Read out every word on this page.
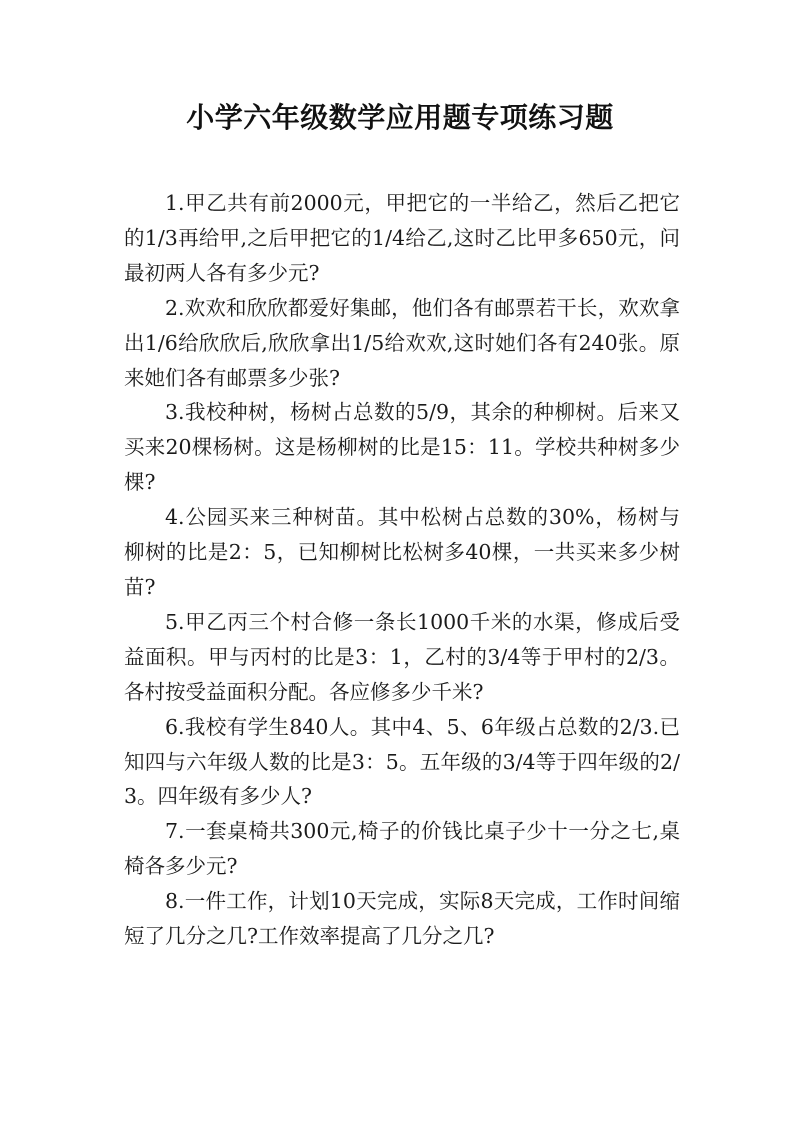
小学六年级数学应用题专项练习题

1.甲乙共有前2000元，甲把它的一半给乙，然后乙把它的1/3再给甲,之后甲把它的1/4给乙,这时乙比甲多650元，问最初两人各有多少元?

2.欢欢和欣欣都爱好集邮，他们各有邮票若干长，欢欢拿出1/6给欣欣后,欣欣拿出1/5给欢欢,这时她们各有240张。原来她们各有邮票多少张?

3.我校种树，杨树占总数的5/9，其余的种柳树。后来又买来20棵杨树。这是杨柳树的比是15：11。学校共种树多少棵?

4.公园买来三种树苗。其中松树占总数的30%，杨树与柳树的比是2：5，已知柳树比松树多40棵，一共买来多少树苗?

5.甲乙丙三个村合修一条长1000千米的水渠，修成后受益面积。甲与丙村的比是3：1，乙村的3/4等于甲村的2/3。各村按受益面积分配。各应修多少千米?

6.我校有学生840人。其中4、5、6年级占总数的2/3.已知四与六年级人数的比是3：5。五年级的3/4等于四年级的2/3。四年级有多少人?

7.一套桌椅共300元,椅子的价钱比桌子少十一分之七,桌椅各多少元?

8.一件工作，计划10天完成，实际8天完成，工作时间缩短了几分之几?工作效率提高了几分之几?
